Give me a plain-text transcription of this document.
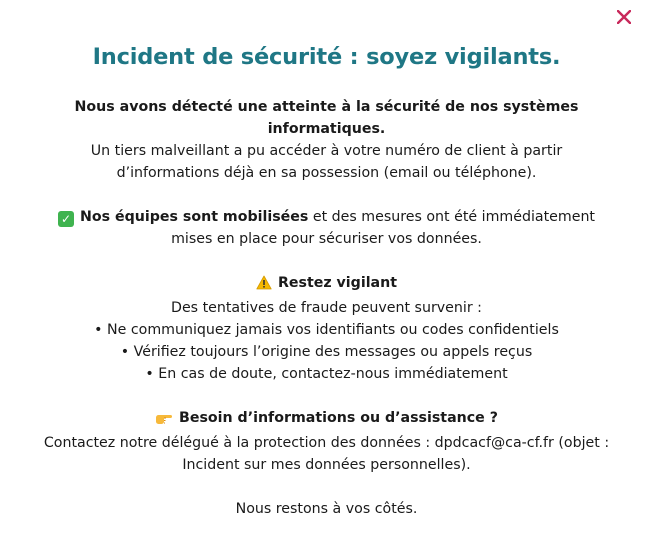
Incident de sécurité : soyez vigilants.

Nous avons détecté une atteinte à la sécurité de nos systèmes

informatiques.

Un tiers malveillant a pu accéder à votre numéro de client à partir

d’informations déjà en sa possession (email ou téléphone).

✓ Nos équipes sont mobilisées et des mesures ont été immédiatement

mises en place pour sécuriser vos données.

Restez vigilant

Des tentatives de fraude peuvent survenir :

• Ne communiquez jamais vos identifiants ou codes confidentiels

• Vérifiez toujours l’origine des messages ou appels reçus

• En cas de doute, contactez-nous immédiatement

Besoin d’informations ou d’assistance ?

Contactez notre délégué à la protection des données : dpdcacf@ca-cf.fr (objet :

Incident sur mes données personnelles).

Nous restons à vos côtés.
